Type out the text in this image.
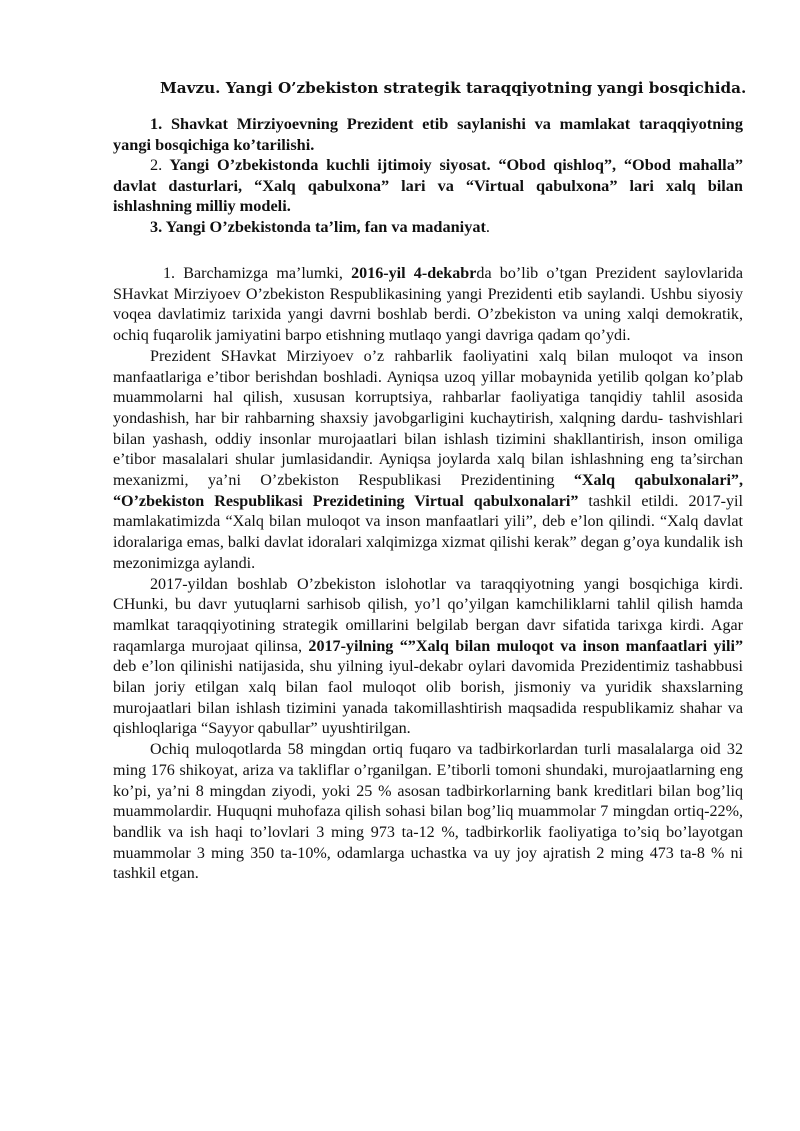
Mavzu. Yangi O’zbekiston strategik taraqqiyotning yangi bosqichida.

1. Shavkat Mirziyoevning Prezident etib saylanishi va mamlakat taraqqiyotning yangi bosqichiga ko’tarilishi.

2. Yangi O’zbekistonda kuchli ijtimoiy siyosat. “Obod qishloq”, “Obod mahalla” davlat dasturlari, “Xalq qabulxona” lari va “Virtual qabulxona” lari xalq bilan ishlashning milliy modeli.

3. Yangi O’zbekistonda ta’lim, fan va madaniyat.

1. Barchamizga ma’lumki, 2016-yil 4-dekabrda bo’lib o’tgan Prezident saylovlarida SHavkat Mirziyoev O’zbekiston Respublikasining yangi Prezidenti etib saylandi. Ushbu siyosiy voqea davlatimiz tarixida yangi davrni boshlab berdi. O’zbekiston va uning xalqi demokratik, ochiq fuqarolik jamiyatini barpo etishning mutlaqo yangi davriga qadam qo’ydi.

Prezident SHavkat Mirziyoev o’z rahbarlik faoliyatini xalq bilan muloqot va inson manfaatlariga e’tibor berishdan boshladi. Ayniqsa uzoq yillar mobaynida yetilib qolgan ko’plab muammolarni hal qilish, xususan korruptsiya, rahbarlar faoliyatiga tanqidiy tahlil asosida yondashish, har bir rahbarning shaxsiy javobgarligini kuchaytirish, xalqning dardu- tashvishlari bilan yashash, oddiy insonlar murojaatlari bilan ishlash tizimini shakllantirish, inson omiliga e’tibor masalalari shular jumlasidandir. Ayniqsa joylarda xalq bilan ishlashning eng ta’sirchan mexanizmi, ya’ni O’zbekiston Respublikasi Prezidentining “Xalq qabulxonalari”, “O’zbekiston Respublikasi Prezidetining Virtual qabulxonalari” tashkil etildi. 2017-yil mamlakatimizda “Xalq bilan muloqot va inson manfaatlari yili”, deb e’lon qilindi. “Xalq davlat idoralariga emas, balki davlat idoralari xalqimizga xizmat qilishi kerak” degan g’oya kundalik ish mezonimizga aylandi.

2017-yildan boshlab O’zbekiston islohotlar va taraqqiyotning yangi bosqichiga kirdi. CHunki, bu davr yutuqlarni sarhisob qilish, yo’l qo’yilgan kamchiliklarni tahlil qilish hamda mamlkat taraqqiyotining strategik omillarini belgilab bergan davr sifatida tarixga kirdi. Agar raqamlarga murojaat qilinsa, 2017-yilning “”Xalq bilan muloqot va inson manfaatlari yili” deb e’lon qilinishi natijasida, shu yilning iyul-dekabr oylari davomida Prezidentimiz tashabbusi bilan joriy etilgan xalq bilan faol muloqot olib borish, jismoniy va yuridik shaxslarning murojaatlari bilan ishlash tizimini yanada takomillashtirish maqsadida respublikamiz shahar va qishloqlariga “Sayyor qabullar” uyushtirilgan.

Ochiq muloqotlarda 58 mingdan ortiq fuqaro va tadbirkorlardan turli masalalarga oid 32 ming 176 shikoyat, ariza va takliflar o’rganilgan. E’tiborli tomoni shundaki, murojaatlarning eng ko’pi, ya’ni 8 mingdan ziyodi, yoki 25 % asosan tadbirkorlarning bank kreditlari bilan bog’liq muammolardir. Huquqni muhofaza qilish sohasi bilan bog’liq muammolar 7 mingdan ortiq-22%, bandlik va ish haqi to’lovlari 3 ming 973 ta-12 %, tadbirkorlik faoliyatiga to’siq bo’layotgan muammolar 3 ming 350 ta-10%, odamlarga uchastka va uy joy ajratish 2 ming 473 ta-8 % ni tashkil etgan.
